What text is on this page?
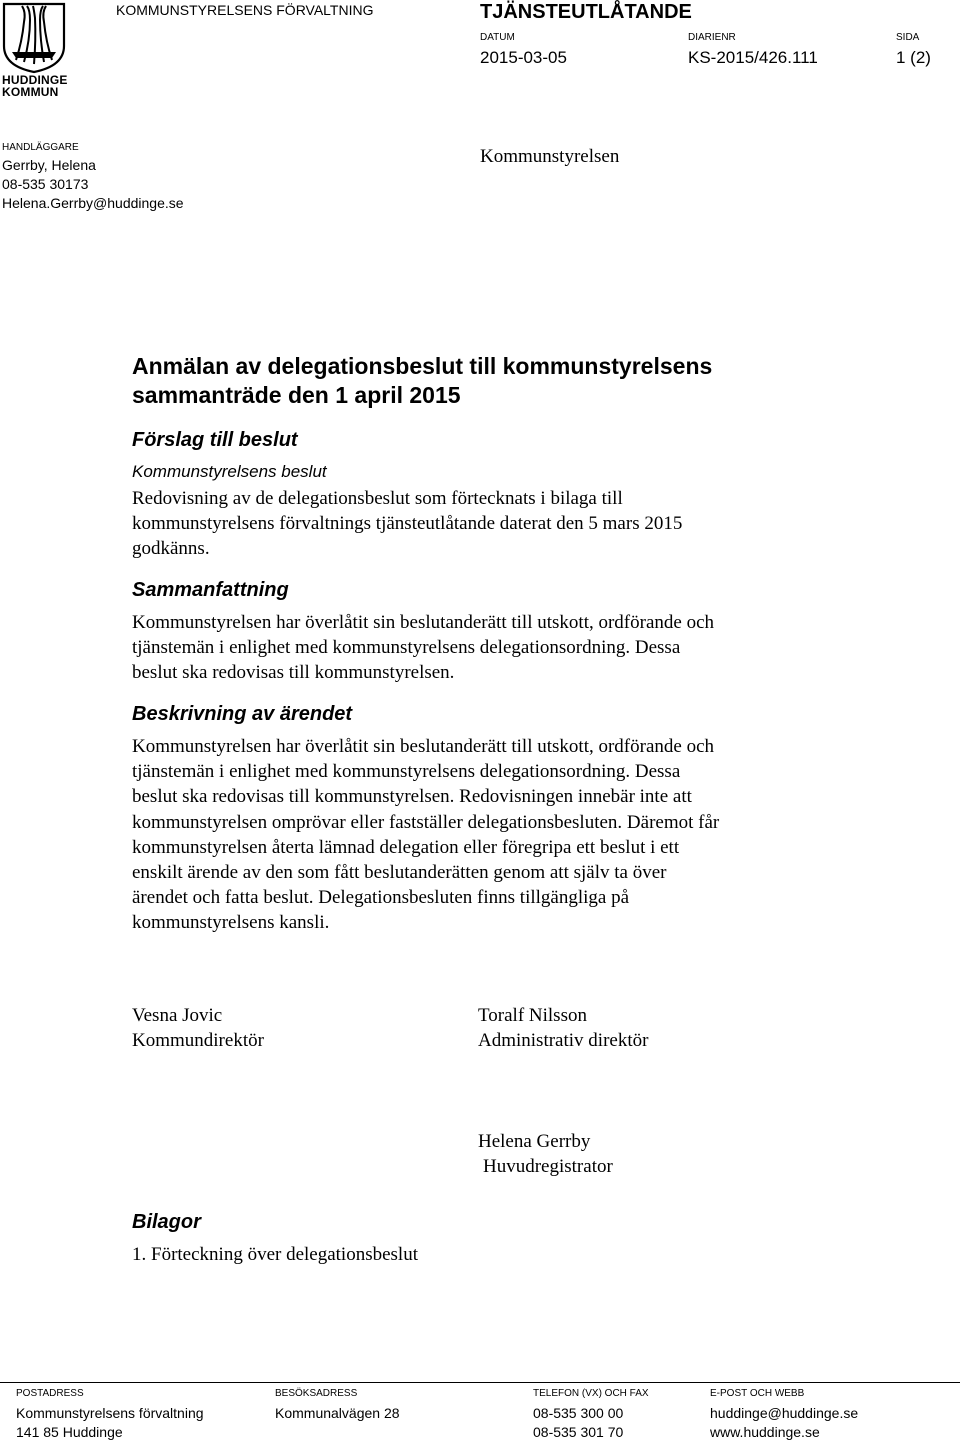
HUDDINGE
KOMMUN
KOMMUNSTYRELSENS FÖRVALTNING	TJÄNSTEUTLÅTANDE
DATUM
2015-03-05
DIARIENR
KS-2015/426.111
SIDA
1 (2)
HANDLÄGGARE
Gerrby, Helena
08-535 30173
Helena.Gerrby@huddinge.se
Kommunstyrelsen
Anmälan av delegationsbeslut till kommunstyrelsens
sammanträde den 1 april 2015
Förslag till beslut
Kommunstyrelsens beslut
Redovisning av de delegationsbeslut som förtecknats i bilaga till
kommunstyrelsens förvaltnings tjänsteutlåtande daterat den 5 mars 2015
godkänns.
Sammanfattning
Kommunstyrelsen har överlåtit sin beslutanderätt till utskott, ordförande och
tjänstemän i enlighet med kommunstyrelsens delegationsordning. Dessa
beslut ska redovisas till kommunstyrelsen.
Beskrivning av ärendet
Kommunstyrelsen har överlåtit sin beslutanderätt till utskott, ordförande och
tjänstemän i enlighet med kommunstyrelsens delegationsordning. Dessa
beslut ska redovisas till kommunstyrelsen. Redovisningen innebär inte att
kommunstyrelsen omprövar eller fastställer delegationsbesluten. Däremot får
kommunstyrelsen återta lämnad delegation eller föregripa ett beslut i ett
enskilt ärende av den som fått beslutanderätten genom att själv ta över
ärendet och fatta beslut. Delegationsbesluten finns tillgängliga på
kommunstyrelsens kansli.
Vesna Jovic
Kommundirektör
Toralf Nilsson
Administrativ direktör
Helena Gerrby
Huvudregistrator
Bilagor
1. Förteckning över delegationsbeslut
POSTADRESS
Kommunstyrelsens förvaltning
141 85 Huddinge
BESÖKSADRESS
Kommunalvägen 28
TELEFON (VX) OCH FAX
08-535 300 00
08-535 301 70
E-POST OCH WEBB
huddinge@huddinge.se
www.huddinge.se
